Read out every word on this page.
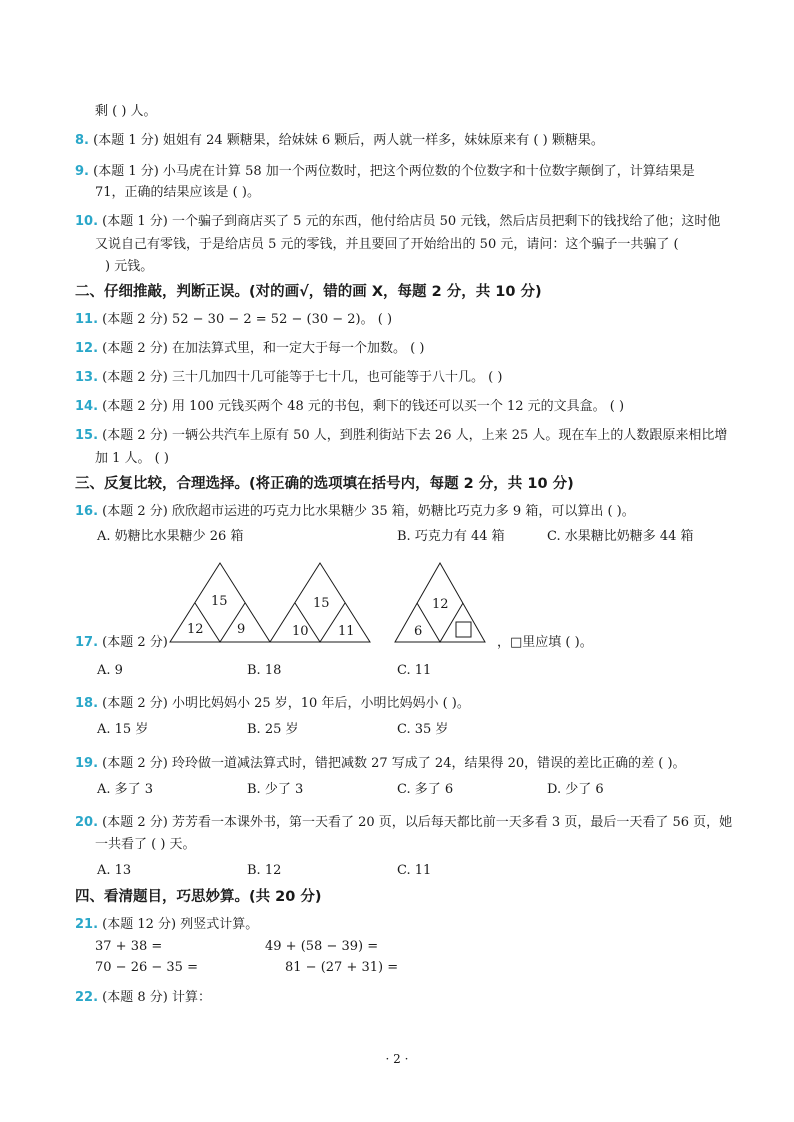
剩 ( ) 人。
8. (本题 1 分) 姐姐有 24 颗糖果，给妹妹 6 颗后，两人就一样多，妹妹原来有 ( ) 颗糖果。
9. (本题 1 分) 小马虎在计算 58 加一个两位数时，把这个两位数的个位数字和十位数字颠倒了，计算结果是
71，正确的结果应该是 ( )。
10. (本题 1 分) 一个骗子到商店买了 5 元的东西，他付给店员 50 元钱，然后店员把剩下的钱找给了他；这时他
又说自己有零钱，于是给店员 5 元的零钱，并且要回了开始给出的 50 元，请问：这个骗子一共骗了 (
) 元钱。
二、仔细推敲，判断正误。(对的画√，错的画 X，每题 2 分，共 10 分)
11. (本题 2 分) 52 − 30 − 2 = 52 − (30 − 2)。 ( )
12. (本题 2 分) 在加法算式里，和一定大于每一个加数。 ( )
13. (本题 2 分) 三十几加四十几可能等于七十几，也可能等于八十几。 ( )
14. (本题 2 分) 用 100 元钱买两个 48 元的书包，剩下的钱还可以买一个 12 元的文具盒。 ( )
15. (本题 2 分) 一辆公共汽车上原有 50 人，到胜利街站下去 26 人，上来 25 人。现在车上的人数跟原来相比增
加 1 人。 ( )
三、反复比较，合理选择。(将正确的选项填在括号内，每题 2 分，共 10 分)
16. (本题 2 分) 欣欣超市运进的巧克力比水果糖少 35 箱，奶糖比巧克力多 9 箱，可以算出 ( )。
A. 奶糖比水果糖少 26 箱	B. 巧克力有 44 箱	C. 水果糖比奶糖多 44 箱
15
12	9
15
10 11
12
6
17. (本题 2 分)	，□里应填 ( )。
A. 9	B. 18	C. 11
18. (本题 2 分) 小明比妈妈小 25 岁，10 年后，小明比妈妈小 ( )。
A. 15 岁	B. 25 岁	C. 35 岁
19. (本题 2 分) 玲玲做一道减法算式时，错把减数 27 写成了 24，结果得 20，错误的差比正确的差 ( )。
A. 多了 3	B. 少了 3	C. 多了 6	D. 少了 6
20. (本题 2 分) 芳芳看一本课外书，第一天看了 20 页，以后每天都比前一天多看 3 页，最后一天看了 56 页，她
一共看了 ( ) 天。
A. 13	B. 12	C. 11
四、看清题目，巧思妙算。(共 20 分)
21. (本题 12 分) 列竖式计算。
37 + 38 =	49 + (58 − 39) =
70 − 26 − 35 =	81 − (27 + 31) =
22. (本题 8 分) 计算：
· 2 ·
